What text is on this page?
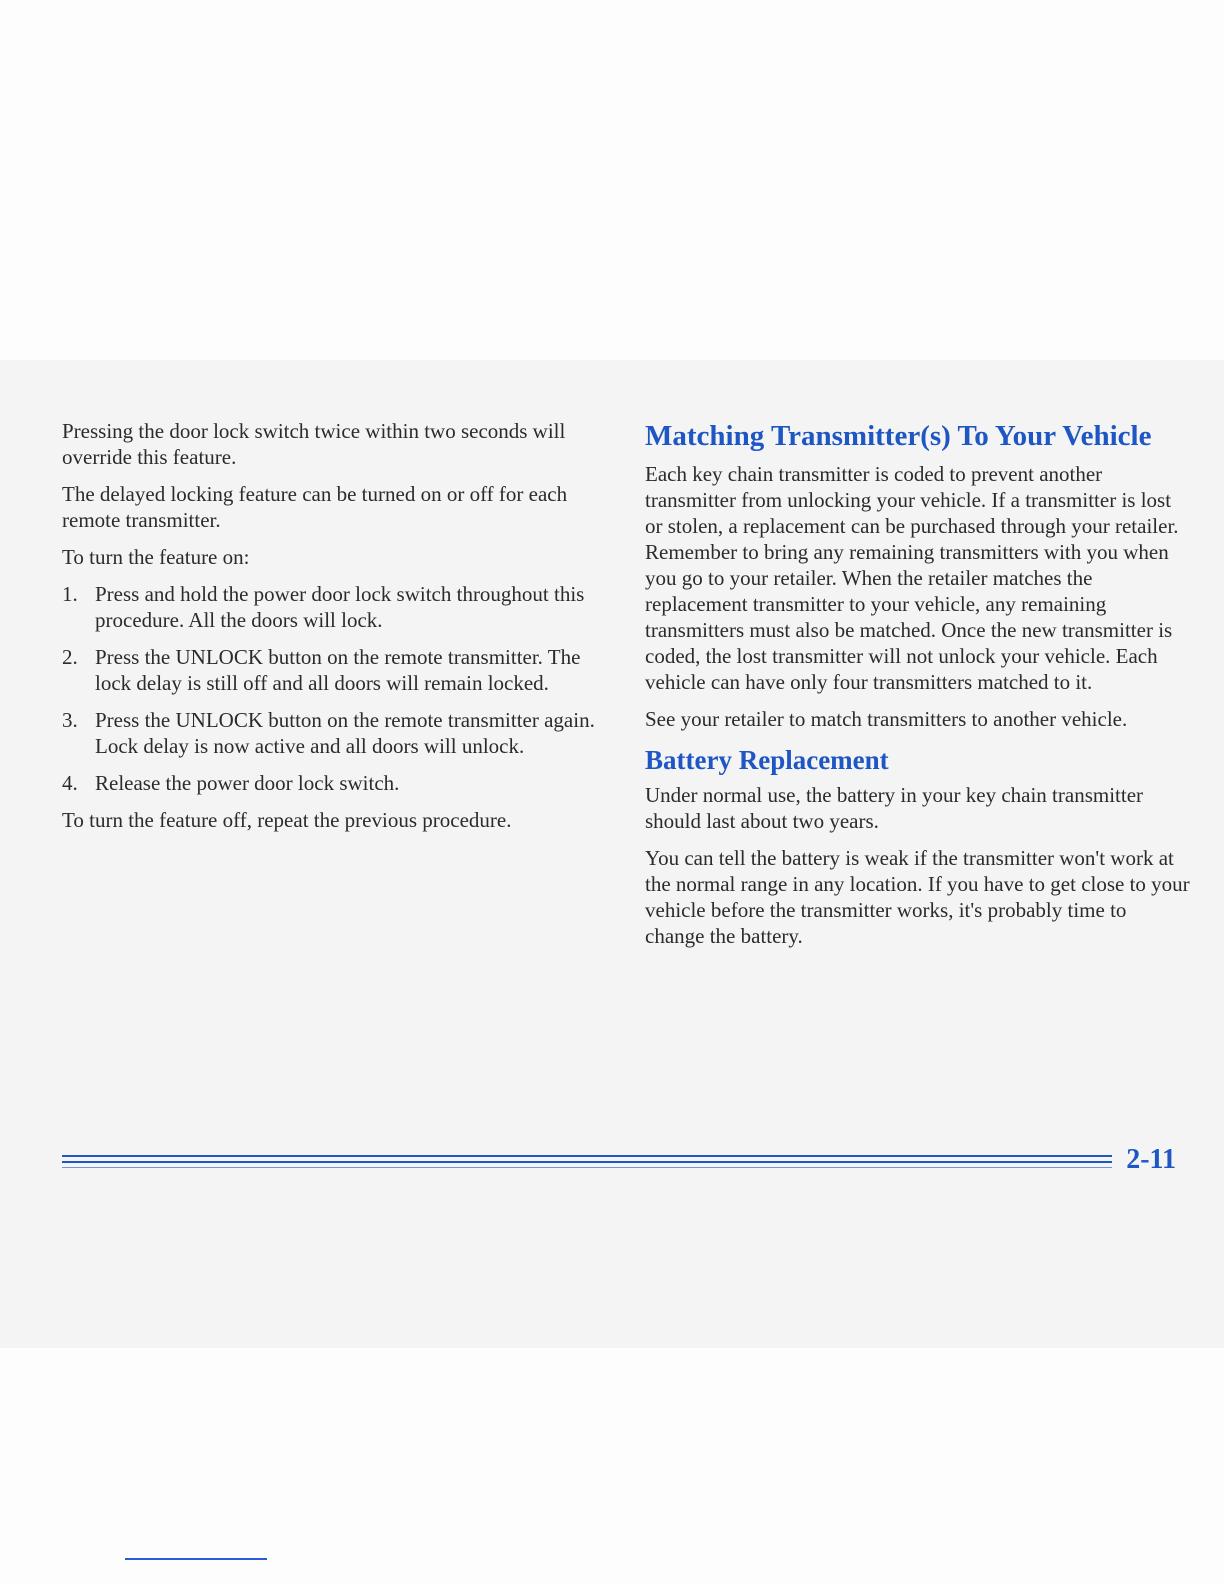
Pressing the door lock switch twice within two seconds will override this feature.

The delayed locking feature can be turned on or off for each remote transmitter.

To turn the feature on:

1. Press and hold the power door lock switch throughout this procedure. All the doors will lock.
2. Press the UNLOCK button on the remote transmitter. The lock delay is still off and all doors will remain locked.
3. Press the UNLOCK button on the remote transmitter again. Lock delay is now active and all doors will unlock.
4. Release the power door lock switch.

To turn the feature off, repeat the previous procedure.

Matching Transmitter(s) To Your Vehicle

Each key chain transmitter is coded to prevent another transmitter from unlocking your vehicle. If a transmitter is lost or stolen, a replacement can be purchased through your retailer. Remember to bring any remaining transmitters with you when you go to your retailer. When the retailer matches the replacement transmitter to your vehicle, any remaining transmitters must also be matched. Once the new transmitter is coded, the lost transmitter will not unlock your vehicle. Each vehicle can have only four transmitters matched to it.

See your retailer to match transmitters to another vehicle.

Battery Replacement

Under normal use, the battery in your key chain transmitter should last about two years.

You can tell the battery is weak if the transmitter won't work at the normal range in any location. If you have to get close to your vehicle before the transmitter works, it's probably time to change the battery.

2-11
